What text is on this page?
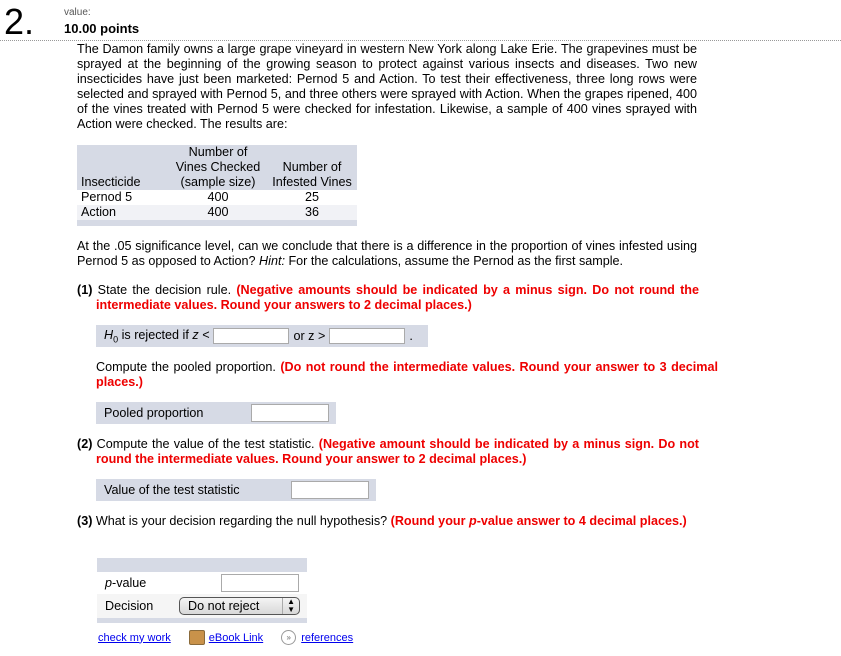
2.	value:
10.00 points
The Damon family owns a large grape vineyard in western New York along Lake Erie. The grapevines must be sprayed at the beginning of the growing season to protect against various insects and diseases. Two new insecticides have just been marketed: Pernod 5 and Action. To test their effectiveness, three long rows were selected and sprayed with Pernod 5, and three others were sprayed with Action. When the grapes ripened, 400 of the vines treated with Pernod 5 were checked for infestation. Likewise, a sample of 400 vines sprayed with Action were checked. The results are:
Insecticide	Number of Vines Checked (sample size)	Number of Infested Vines
Pernod 5	400	25
Action	400	36

At the .05 significance level, can we conclude that there is a difference in the proportion of vines infested using Pernod 5 as opposed to Action? Hint: For the calculations, assume the Pernod as the first sample.
(1) State the decision rule. (Negative amounts should be indicated by a minus sign. Do not round the intermediate values. Round your answers to 2 decimal places.)
$H_0$ is rejected if z <	or z >	.
Compute the pooled proportion. (Do not round the intermediate values. Round your answer to 3 decimal places.)
Pooled proportion
(2) Compute the value of the test statistic. (Negative amount should be indicated by a minus sign. Do not round the intermediate values. Round your answer to 2 decimal places.)
Value of the test statistic
(3) What is your decision regarding the null hypothesis? (Round your p-value answer to 4 decimal places.)
p-value
Decision	Do not reject	▲
▼
check my work	eBook Link	» references
